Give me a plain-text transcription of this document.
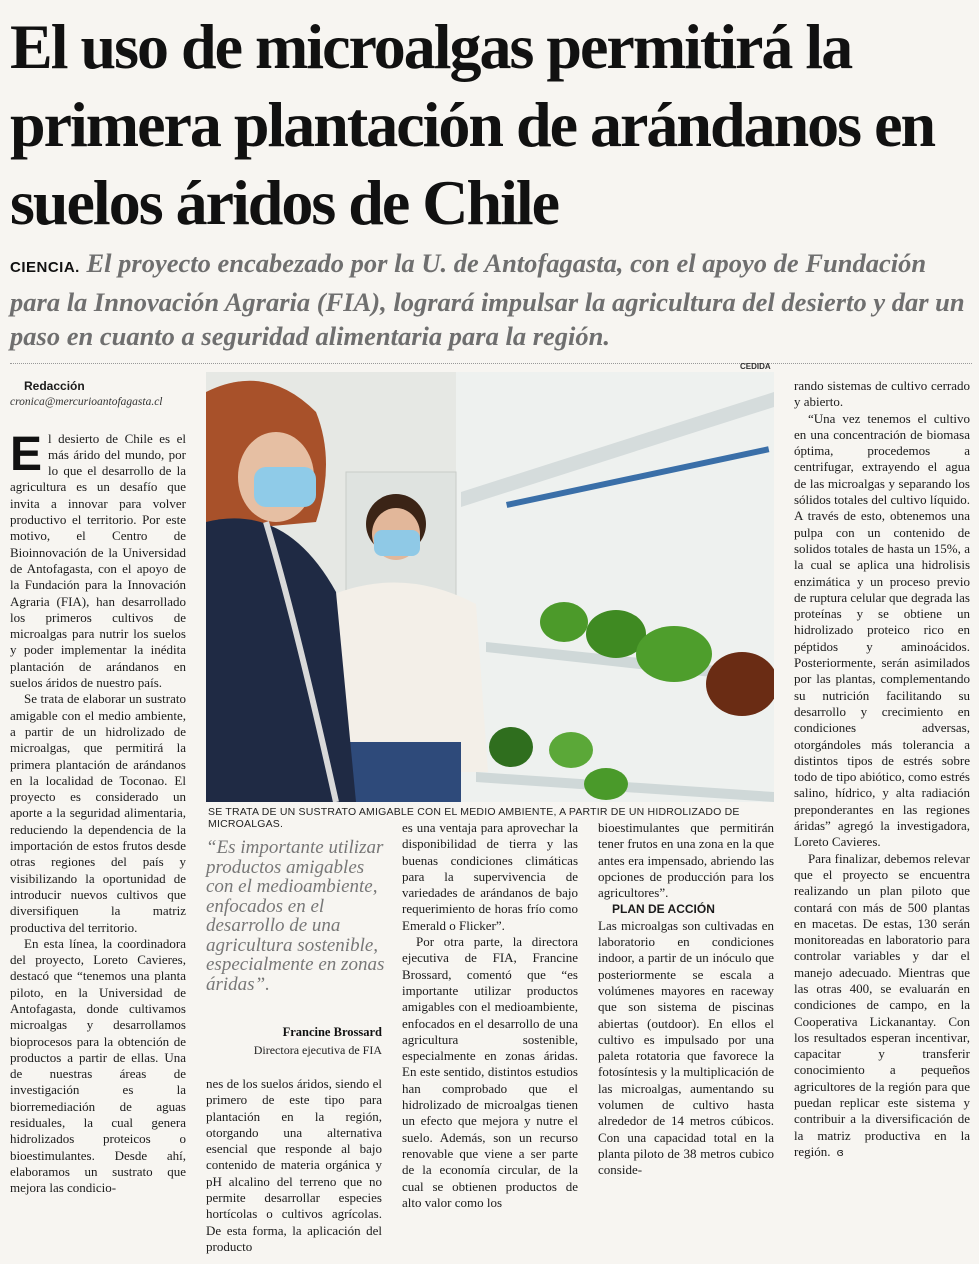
El uso de microalgas permitirá la primera plantación de arándanos en suelos áridos de Chile

CIENCIA. El proyecto encabezado por la U. de Antofagasta, con el apoyo de Fundación para la Innovación Agraria (FIA), logrará impulsar la agricultura del desierto y dar un paso en cuanto a seguridad alimentaria para la región.

Redacción

cronica@mercurioantofagasta.cl

El desierto de Chile es el más árido del mundo, por lo que el desarrollo de la agricultura es un desafío que invita a innovar para volver productivo el territorio. Por este motivo, el Centro de Bioinnovación de la Universidad de Antofagasta, con el apoyo de la Fundación para la Innovación Agraria (FIA), han desarrollado los primeros cultivos de microalgas para nutrir los suelos y poder implementar la inédita plantación de arándanos en suelos áridos de nuestro país.

Se trata de elaborar un sustrato amigable con el medio ambiente, a partir de un hidrolizado de microalgas, que permitirá la primera plantación de arándanos en la localidad de Toconao. El proyecto es considerado un aporte a la seguridad alimentaria, reduciendo la dependencia de la importación de estos frutos desde otras regiones del país y visibilizando la oportunidad de introducir nuevos cultivos que diversifiquen la matriz productiva del territorio.

En esta línea, la coordinadora del proyecto, Loreto Cavieres, destacó que “tenemos una planta piloto, en la Universidad de Antofagasta, donde cultivamos microalgas y desarrollamos bioprocesos para la obtención de productos a partir de ellas. Una de nuestras áreas de investigación es la biorremediación de aguas residuales, la cual genera hidrolizados proteicos o bioestimulantes. Desde ahí, elaboramos un sustrato que mejora las condicio-

CEDIDA
SE TRATA DE UN SUSTRATO AMIGABLE CON EL MEDIO AMBIENTE, A PARTIR DE UN HIDROLIZADO DE MICROALGAS.

“Es importante utilizar productos amigables con el medioambiente, enfocados en el desarrollo de una agricultura sostenible, especialmente en zonas áridas”.

Francine Brossard

Directora ejecutiva de FIA

nes de los suelos áridos, siendo el primero de este tipo para plantación en la región, otorgando una alternativa esencial que responde al bajo contenido de materia orgánica y pH alcalino del terreno que no permite desarrollar especies hortícolas o cultivos agrícolas. De esta forma, la aplicación del producto

es una ventaja para aprovechar la disponibilidad de tierra y las buenas condiciones climáticas para la supervivencia de variedades de arándanos de bajo requerimiento de horas frío como Emerald o Flicker”.

Por otra parte, la directora ejecutiva de FIA, Francine Brossard, comentó que “es importante utilizar productos amigables con el medioambiente, enfocados en el desarrollo de una agricultura sostenible, especialmente en zonas áridas. En este sentido, distintos estudios han comprobado que el hidrolizado de microalgas tienen un efecto que mejora y nutre el suelo. Además, son un recurso renovable que viene a ser parte de la economía circular, de la cual se obtienen productos de alto valor como los

bioestimulantes que permitirán tener frutos en una zona en la que antes era impensado, abriendo las opciones de producción para los agricultores”.

PLAN DE ACCIÓN

Las microalgas son cultivadas en laboratorio en condiciones indoor, a partir de un inóculo que posteriormente se escala a volúmenes mayores en raceway que son sistema de piscinas abiertas (outdoor). En ellos el cultivo es impulsado por una paleta rotatoria que favorece la fotosíntesis y la multiplicación de las microalgas, aumentando su volumen de cultivo hasta alrededor de 14 metros cúbicos. Con una capacidad total en la planta piloto de 38 metros cubico conside-

rando sistemas de cultivo cerrado y abierto.

“Una vez tenemos el cultivo en una concentración de biomasa óptima, procedemos a centrifugar, extrayendo el agua de las microalgas y separando los sólidos totales del cultivo líquido. A través de esto, obtenemos una pulpa con un contenido de solidos totales de hasta un 15%, a la cual se aplica una hidrolisis enzimática y un proceso previo de ruptura celular que degrada las proteínas y se obtiene un hidrolizado proteico rico en péptidos y aminoácidos. Posteriormente, serán asimilados por las plantas, complementando su nutrición facilitando su desarrollo y crecimiento en condiciones adversas, otorgándoles más tolerancia a distintos tipos de estrés sobre todo de tipo abiótico, como estrés salino, hídrico, y alta radiación preponderantes en las regiones áridas” agregó la investigadora, Loreto Cavieres.

Para finalizar, debemos relevar que el proyecto se encuentra realizando un plan piloto que contará con más de 500 plantas en macetas. De estas, 130 serán monitoreadas en laboratorio para controlar variables y dar el manejo adecuado. Mientras que las otras 400, se evaluarán en condiciones de campo, en la Cooperativa Lickanantay. Con los resultados esperan incentivar, capacitar y transferir conocimiento a pequeños agricultores de la región para que puedan replicar este sistema y contribuir a la diversificación de la matriz productiva en la región. ɞ
